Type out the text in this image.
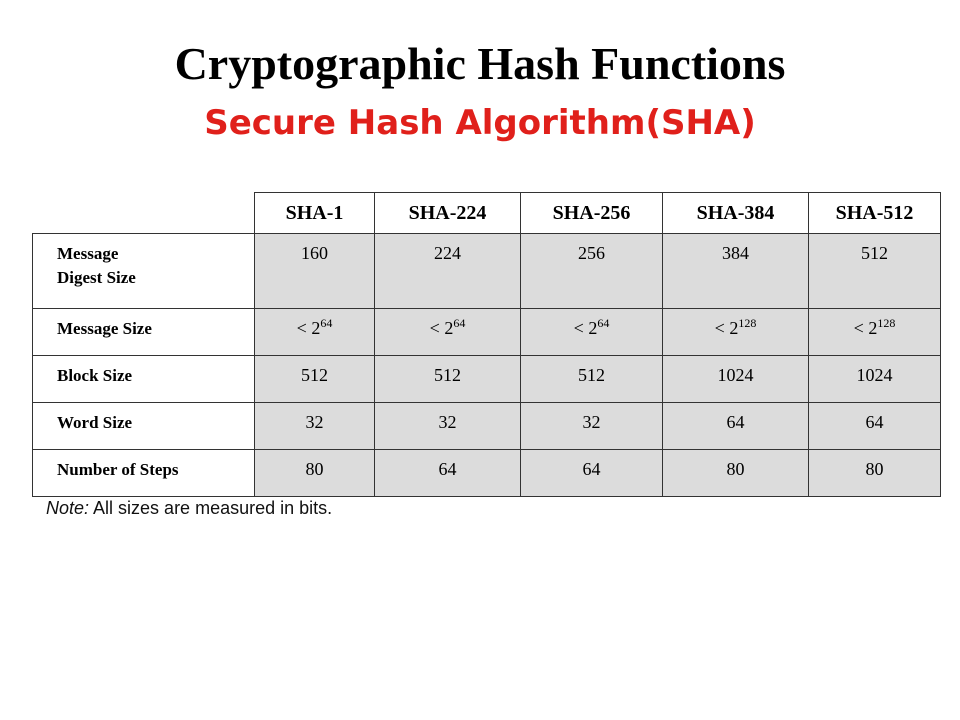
Cryptographic Hash Functions
Secure Hash Algorithm(SHA)
	SHA-1	SHA-224	SHA-256	SHA-384	SHA-512

Message
Digest Size	160	224	256	384	512
Message Size	< $2^{64}$	< $2^{64}$	< $2^{64}$	< $2^{128}$	< $2^{128}$
Block Size	512	512	512	1024	1024
Word Size	32	32	32	64	64
Number of Steps	80	64	64	80	80
Note: All sizes are measured in bits.
